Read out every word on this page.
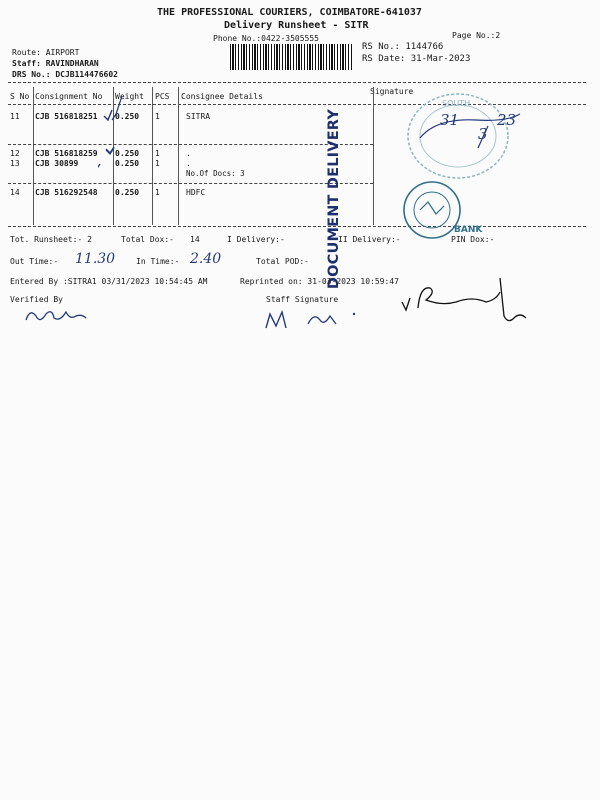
THE PROFESSIONAL COURIERS, COIMBATORE-641037
Delivery Runsheet - SITR
Phone No.:0422-3505555	Page No.:2
Route: AIRPORT
Staff: RAVINDHARAN
DRS No.: DCJB114476602
RS No.: 1144766
RS Date: 31-Mar-2023
S No Consignment No Weight PCS Consignee Details
Signature
11 CJB 516818251 0.250 1	SITRA
12 CJB 516818259 0.250 1	.
13 CJB 30899	0.250 1	.
No.Of Docs: 3
14 CJB 516292548 0.250 1	HDFC
SOUTH
31
3
23
BANK
DOCUMENT DELIVERY
Tot. Runsheet:- 2	Total Dox:- 14	I Delivery:-	II Delivery:-	PIN Dox:-
Out Time:- 11.30	In Time:- 2.40	Total POD:-
Entered By :SITRA1 03/31/2023 10:54:45 AM	Reprinted on: 31-03-2023 10:59:47
Verified By	Staff Signature
